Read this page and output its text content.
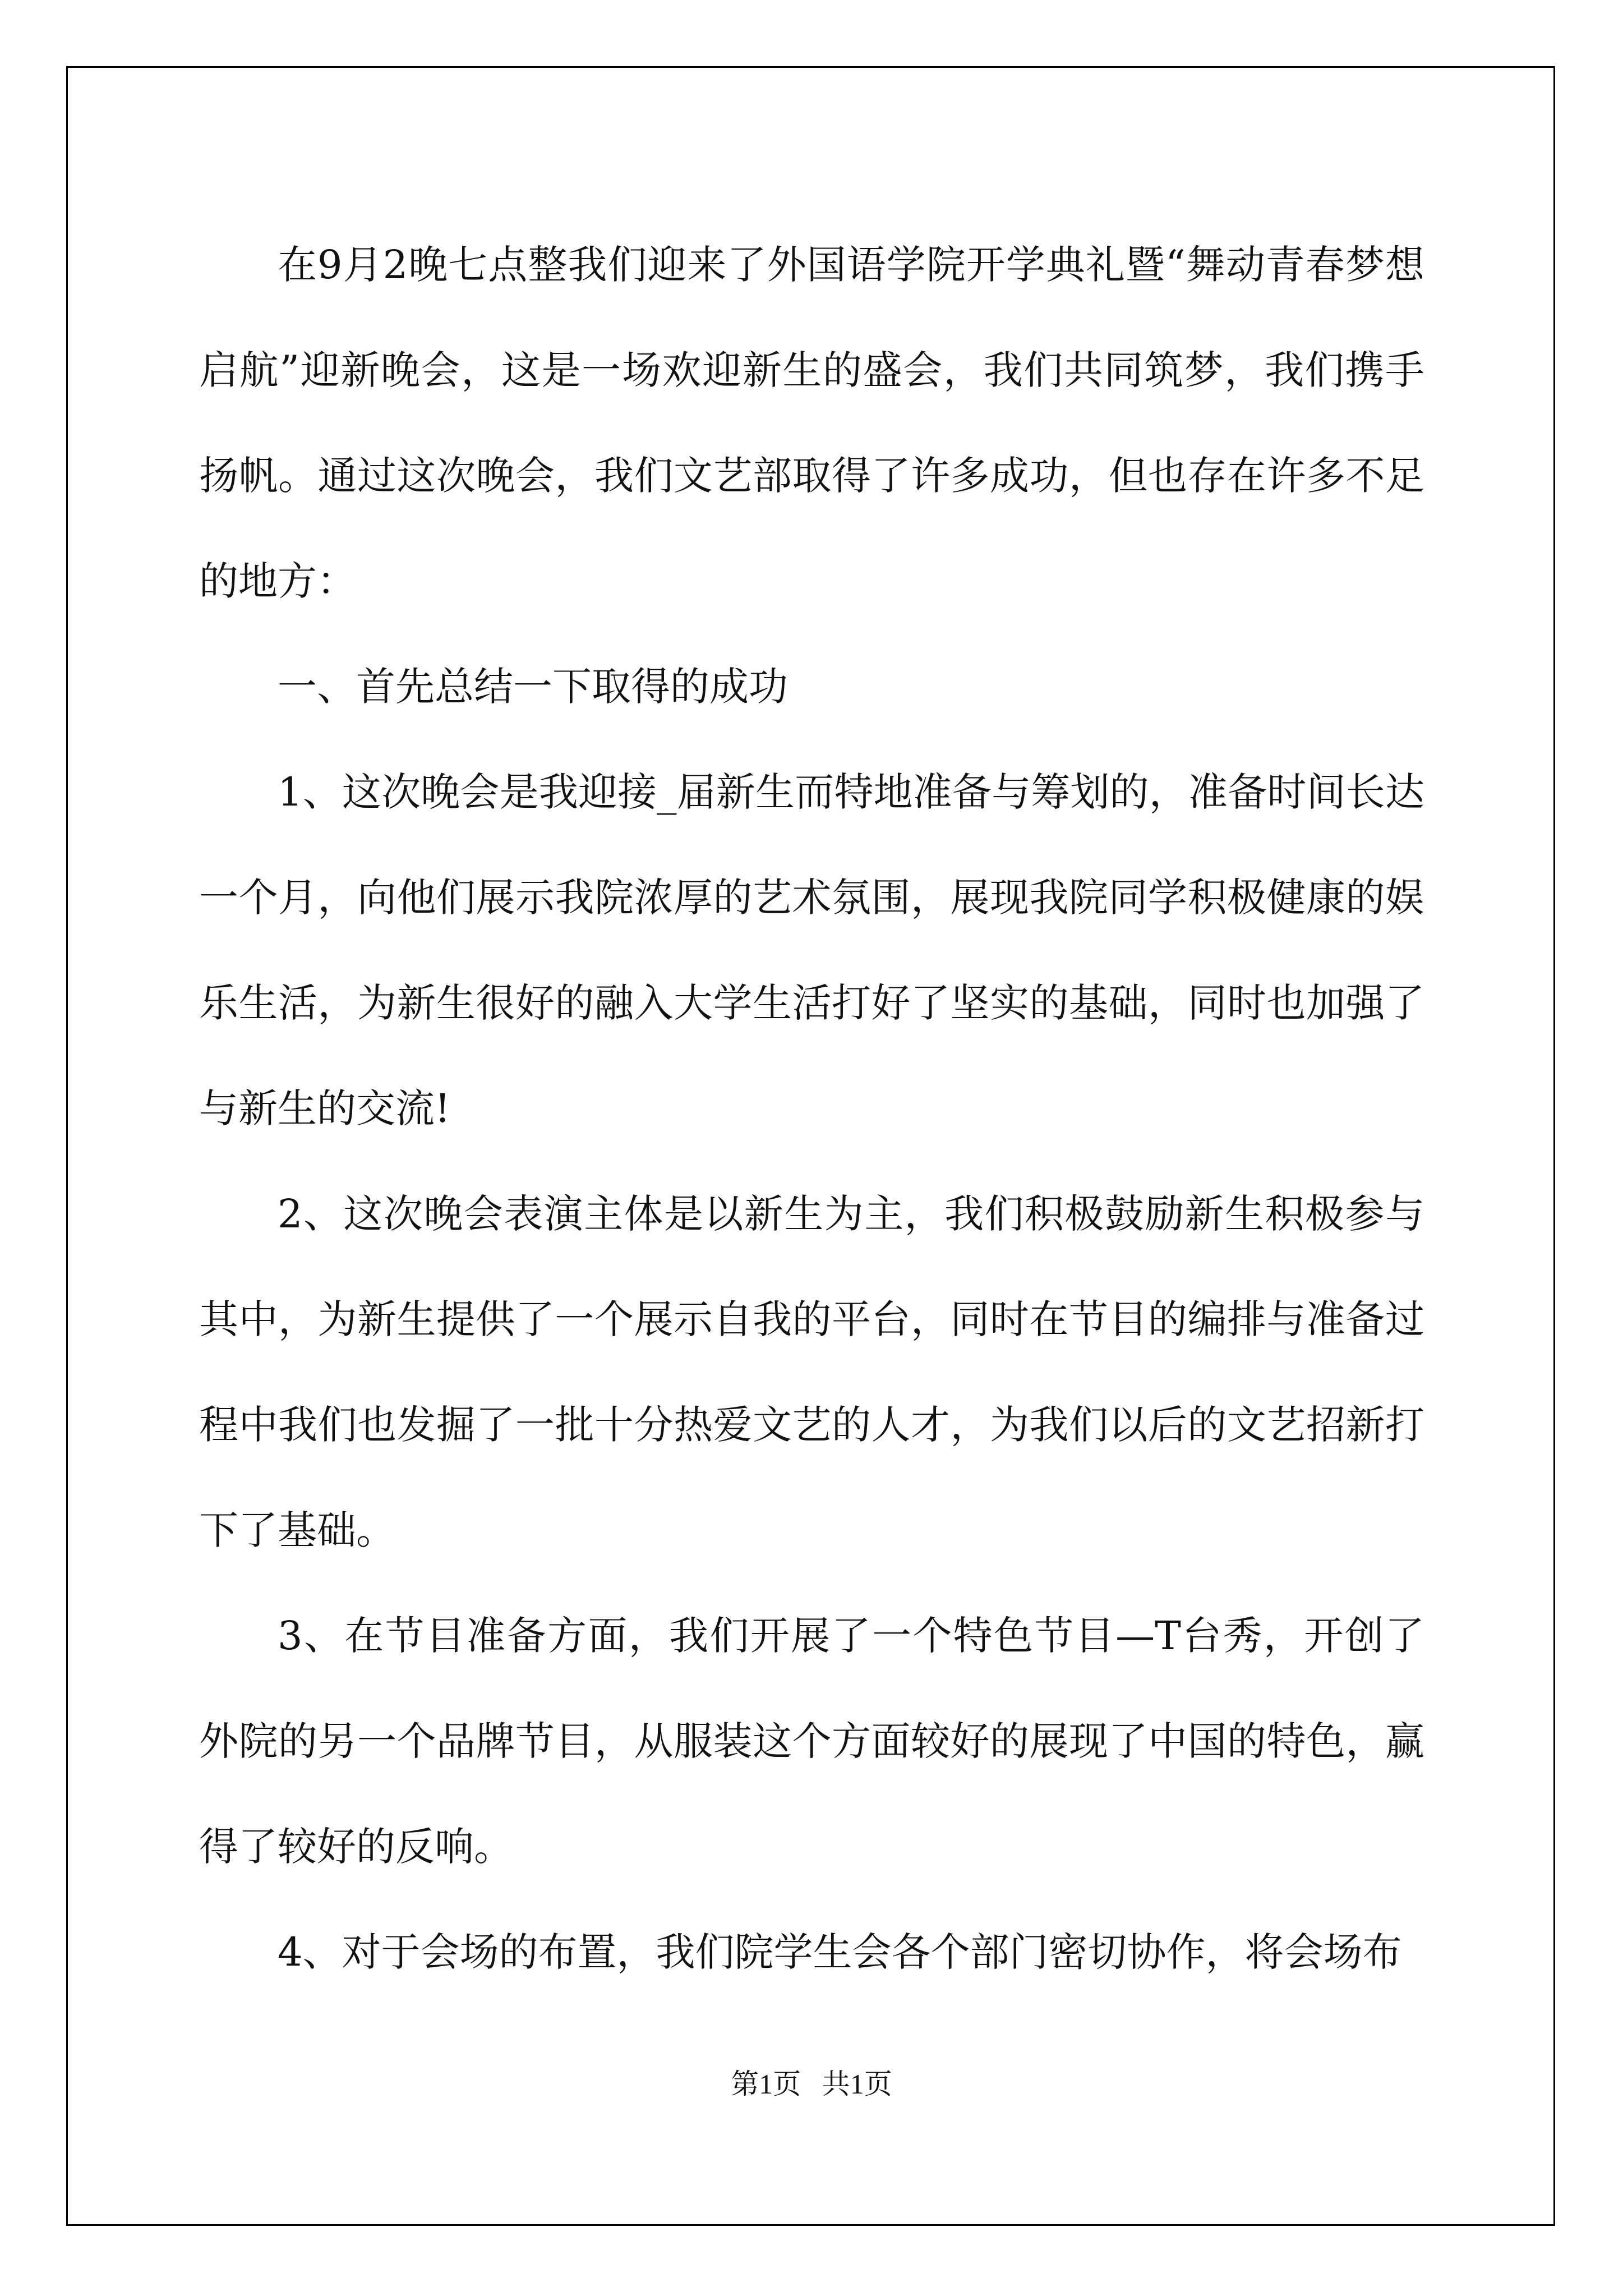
在9月2晚七点整我们迎来了外国语学院开学典礼暨“舞动青春梦想启航”迎新晚会，这是一场欢迎新生的盛会，我们共同筑梦，我们携手扬帆。通过这次晚会，我们文艺部取得了许多成功，但也存在许多不足的地方：

一、首先总结一下取得的成功

1、这次晚会是我迎接_届新生而特地准备与筹划的，准备时间长达一个月，向他们展示我院浓厚的艺术氛围，展现我院同学积极健康的娱乐生活，为新生很好的融入大学生活打好了坚实的基础，同时也加强了与新生的交流!

2、这次晚会表演主体是以新生为主，我们积极鼓励新生积极参与其中，为新生提供了一个展示自我的平台，同时在节目的编排与准备过程中我们也发掘了一批十分热爱文艺的人才，为我们以后的文艺招新打下了基础。

3、在节目准备方面，我们开展了一个特色节目—T台秀，开创了外院的另一个品牌节目，从服装这个方面较好的展现了中国的特色，赢得了较好的反响。

4、对于会场的布置，我们院学生会各个部门密切协作，将会场布

第1页   共1页
